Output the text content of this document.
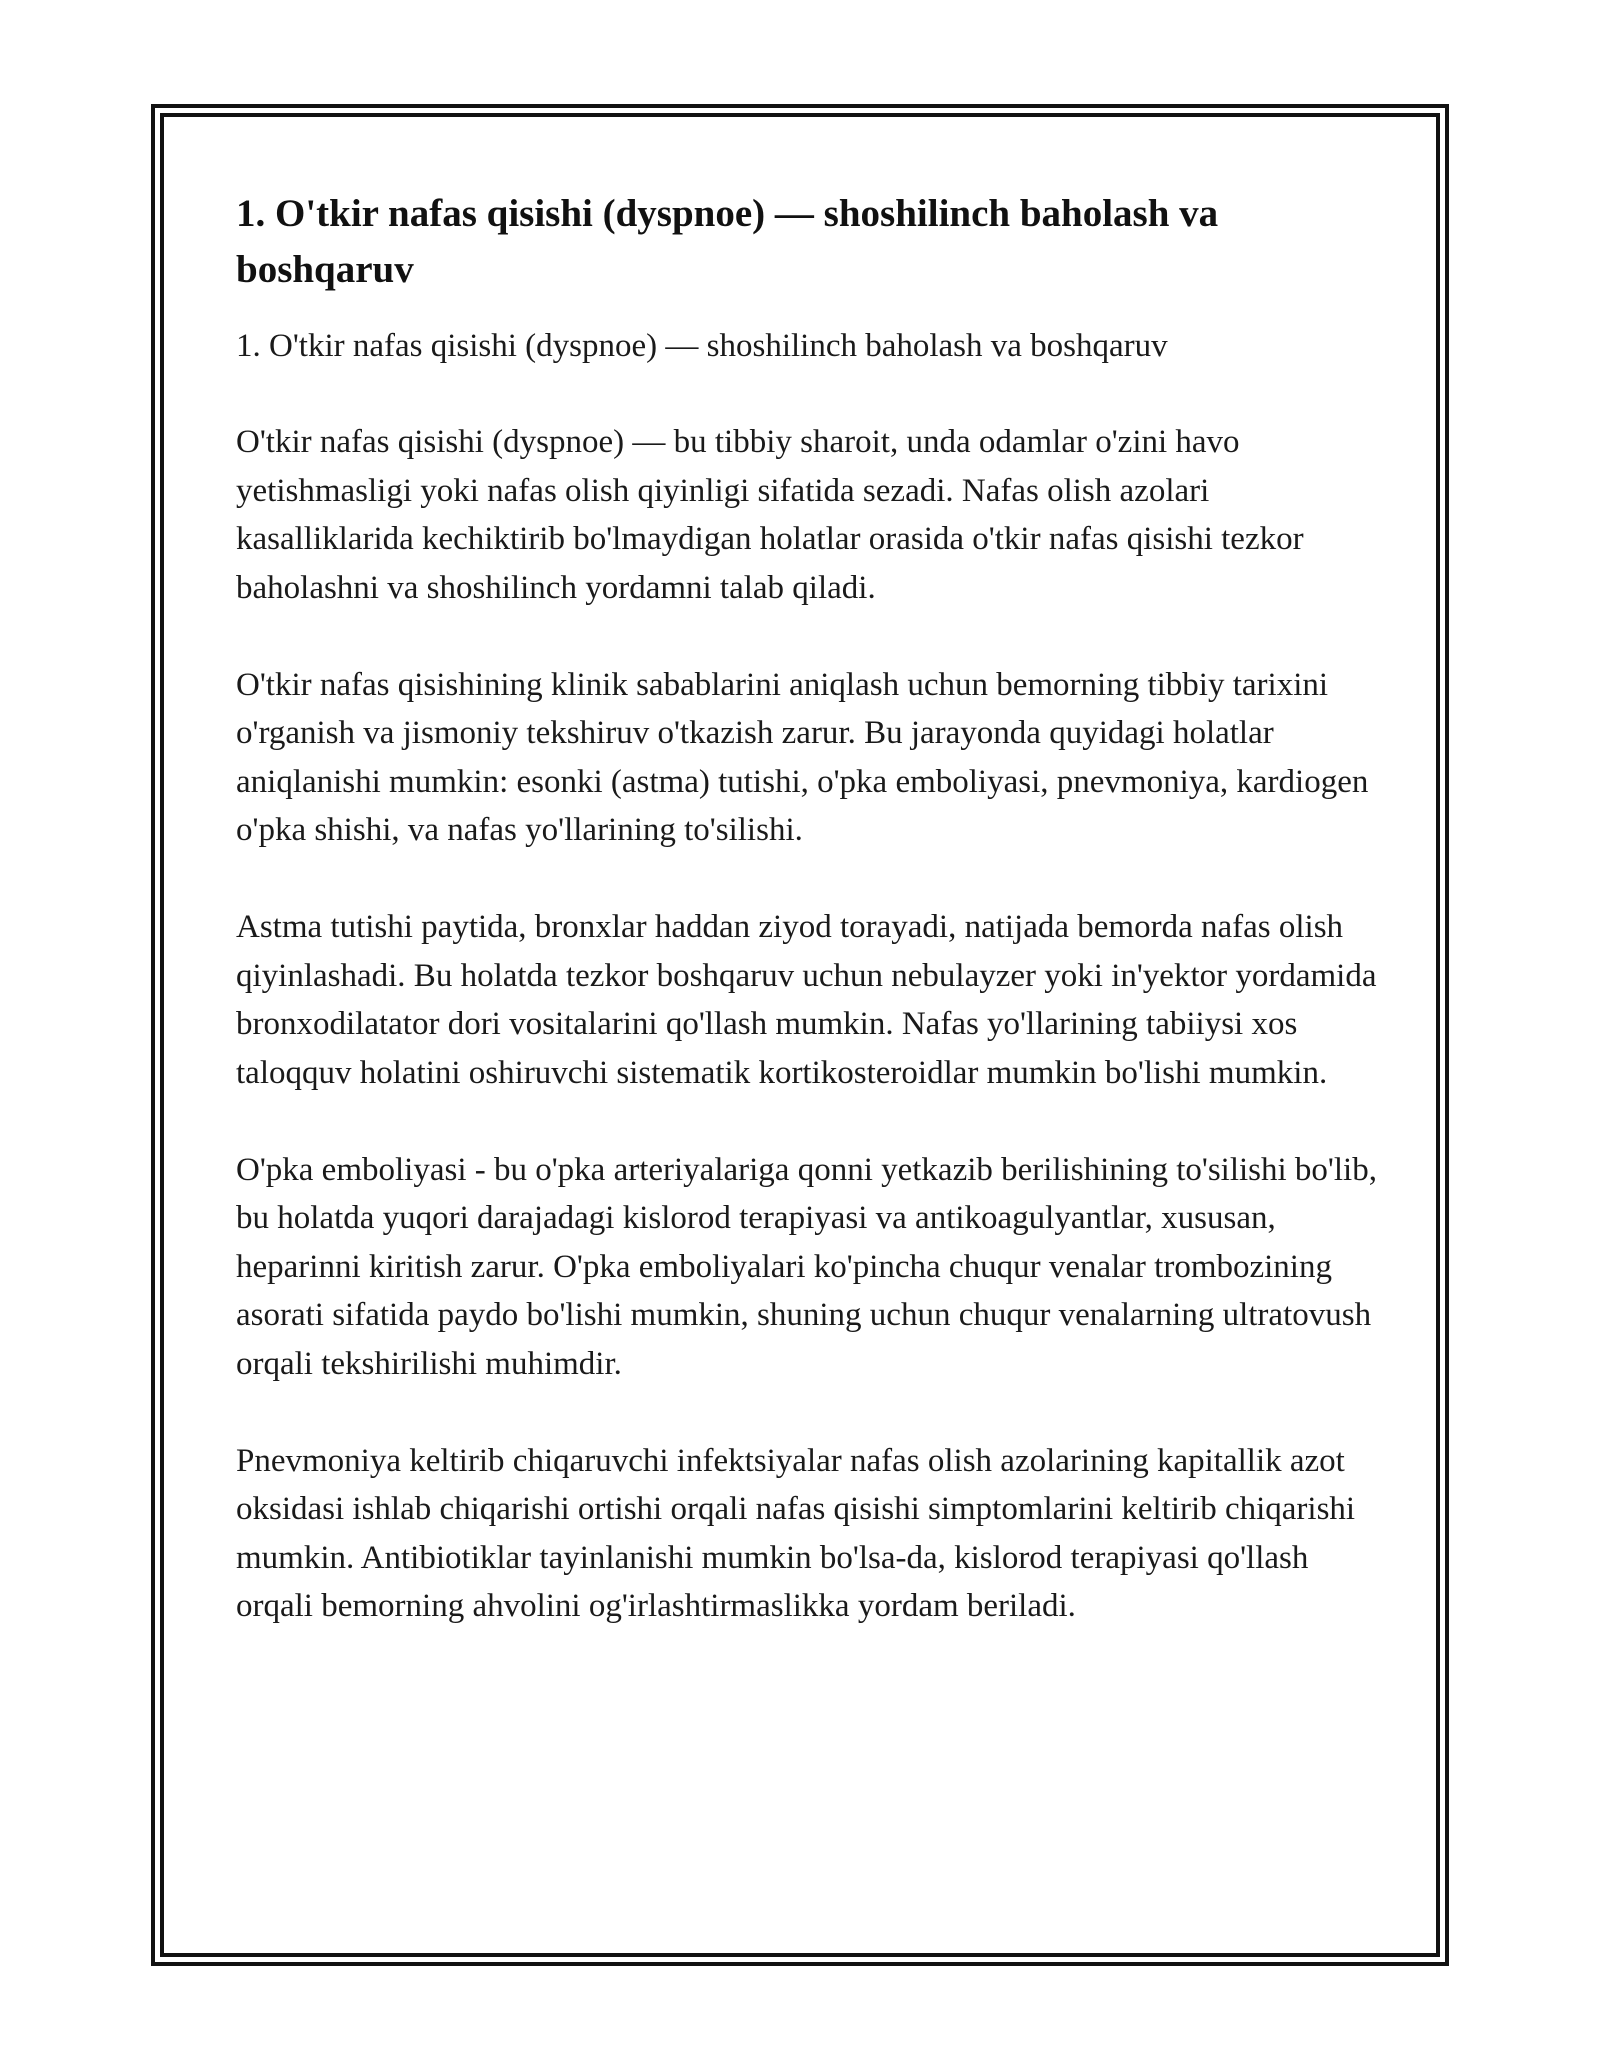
1. O'tkir nafas qisishi (dyspnoe) — shoshilinch baholash va boshqaruv

1. O'tkir nafas qisishi (dyspnoe) — shoshilinch baholash va boshqaruv

O'tkir nafas qisishi (dyspnoe) — bu tibbiy sharoit, unda odamlar o'zini havo yetishmasligi yoki nafas olish qiyinligi sifatida sezadi. Nafas olish azolari kasalliklarida kechiktirib bo'lmaydigan holatlar orasida o'tkir nafas qisishi tezkor baholashni va shoshilinch yordamni talab qiladi.

O'tkir nafas qisishining klinik sabablarini aniqlash uchun bemorning tibbiy tarixini o'rganish va jismoniy tekshiruv o'tkazish zarur. Bu jarayonda quyidagi holatlar aniqlanishi mumkin: esonki (astma) tutishi, o'pka emboliyasi, pnevmoniya, kardiogen o'pka shishi, va nafas yo'llarining to'silishi.

Astma tutishi paytida, bronxlar haddan ziyod torayadi, natijada bemorda nafas olish qiyinlashadi. Bu holatda tezkor boshqaruv uchun nebulayzer yoki in'yektor yordamida bronxodilatator dori vositalarini qo'llash mumkin. Nafas yo'llarining tabiiysi xos taloqquv holatini oshiruvchi sistematik kortikosteroidlar mumkin bo'lishi mumkin.

O'pka emboliyasi - bu o'pka arteriyalariga qonni yetkazib berilishining to'silishi bo'lib, bu holatda yuqori darajadagi kislorod terapiyasi va antikoagulyantlar, xususan, heparinni kiritish zarur. O'pka emboliyalari ko'pincha chuqur venalar trombozining asorati sifatida paydo bo'lishi mumkin, shuning uchun chuqur venalarning ultratovush orqali tekshirilishi muhimdir.

Pnevmoniya keltirib chiqaruvchi infektsiyalar nafas olish azolarining kapitallik azot oksidasi ishlab chiqarishi ortishi orqali nafas qisishi simptomlarini keltirib chiqarishi mumkin. Antibiotiklar tayinlanishi mumkin bo'lsa-da, kislorod terapiyasi qo'llash orqali bemorning ahvolini og'irlashtirmaslikka yordam beriladi.
